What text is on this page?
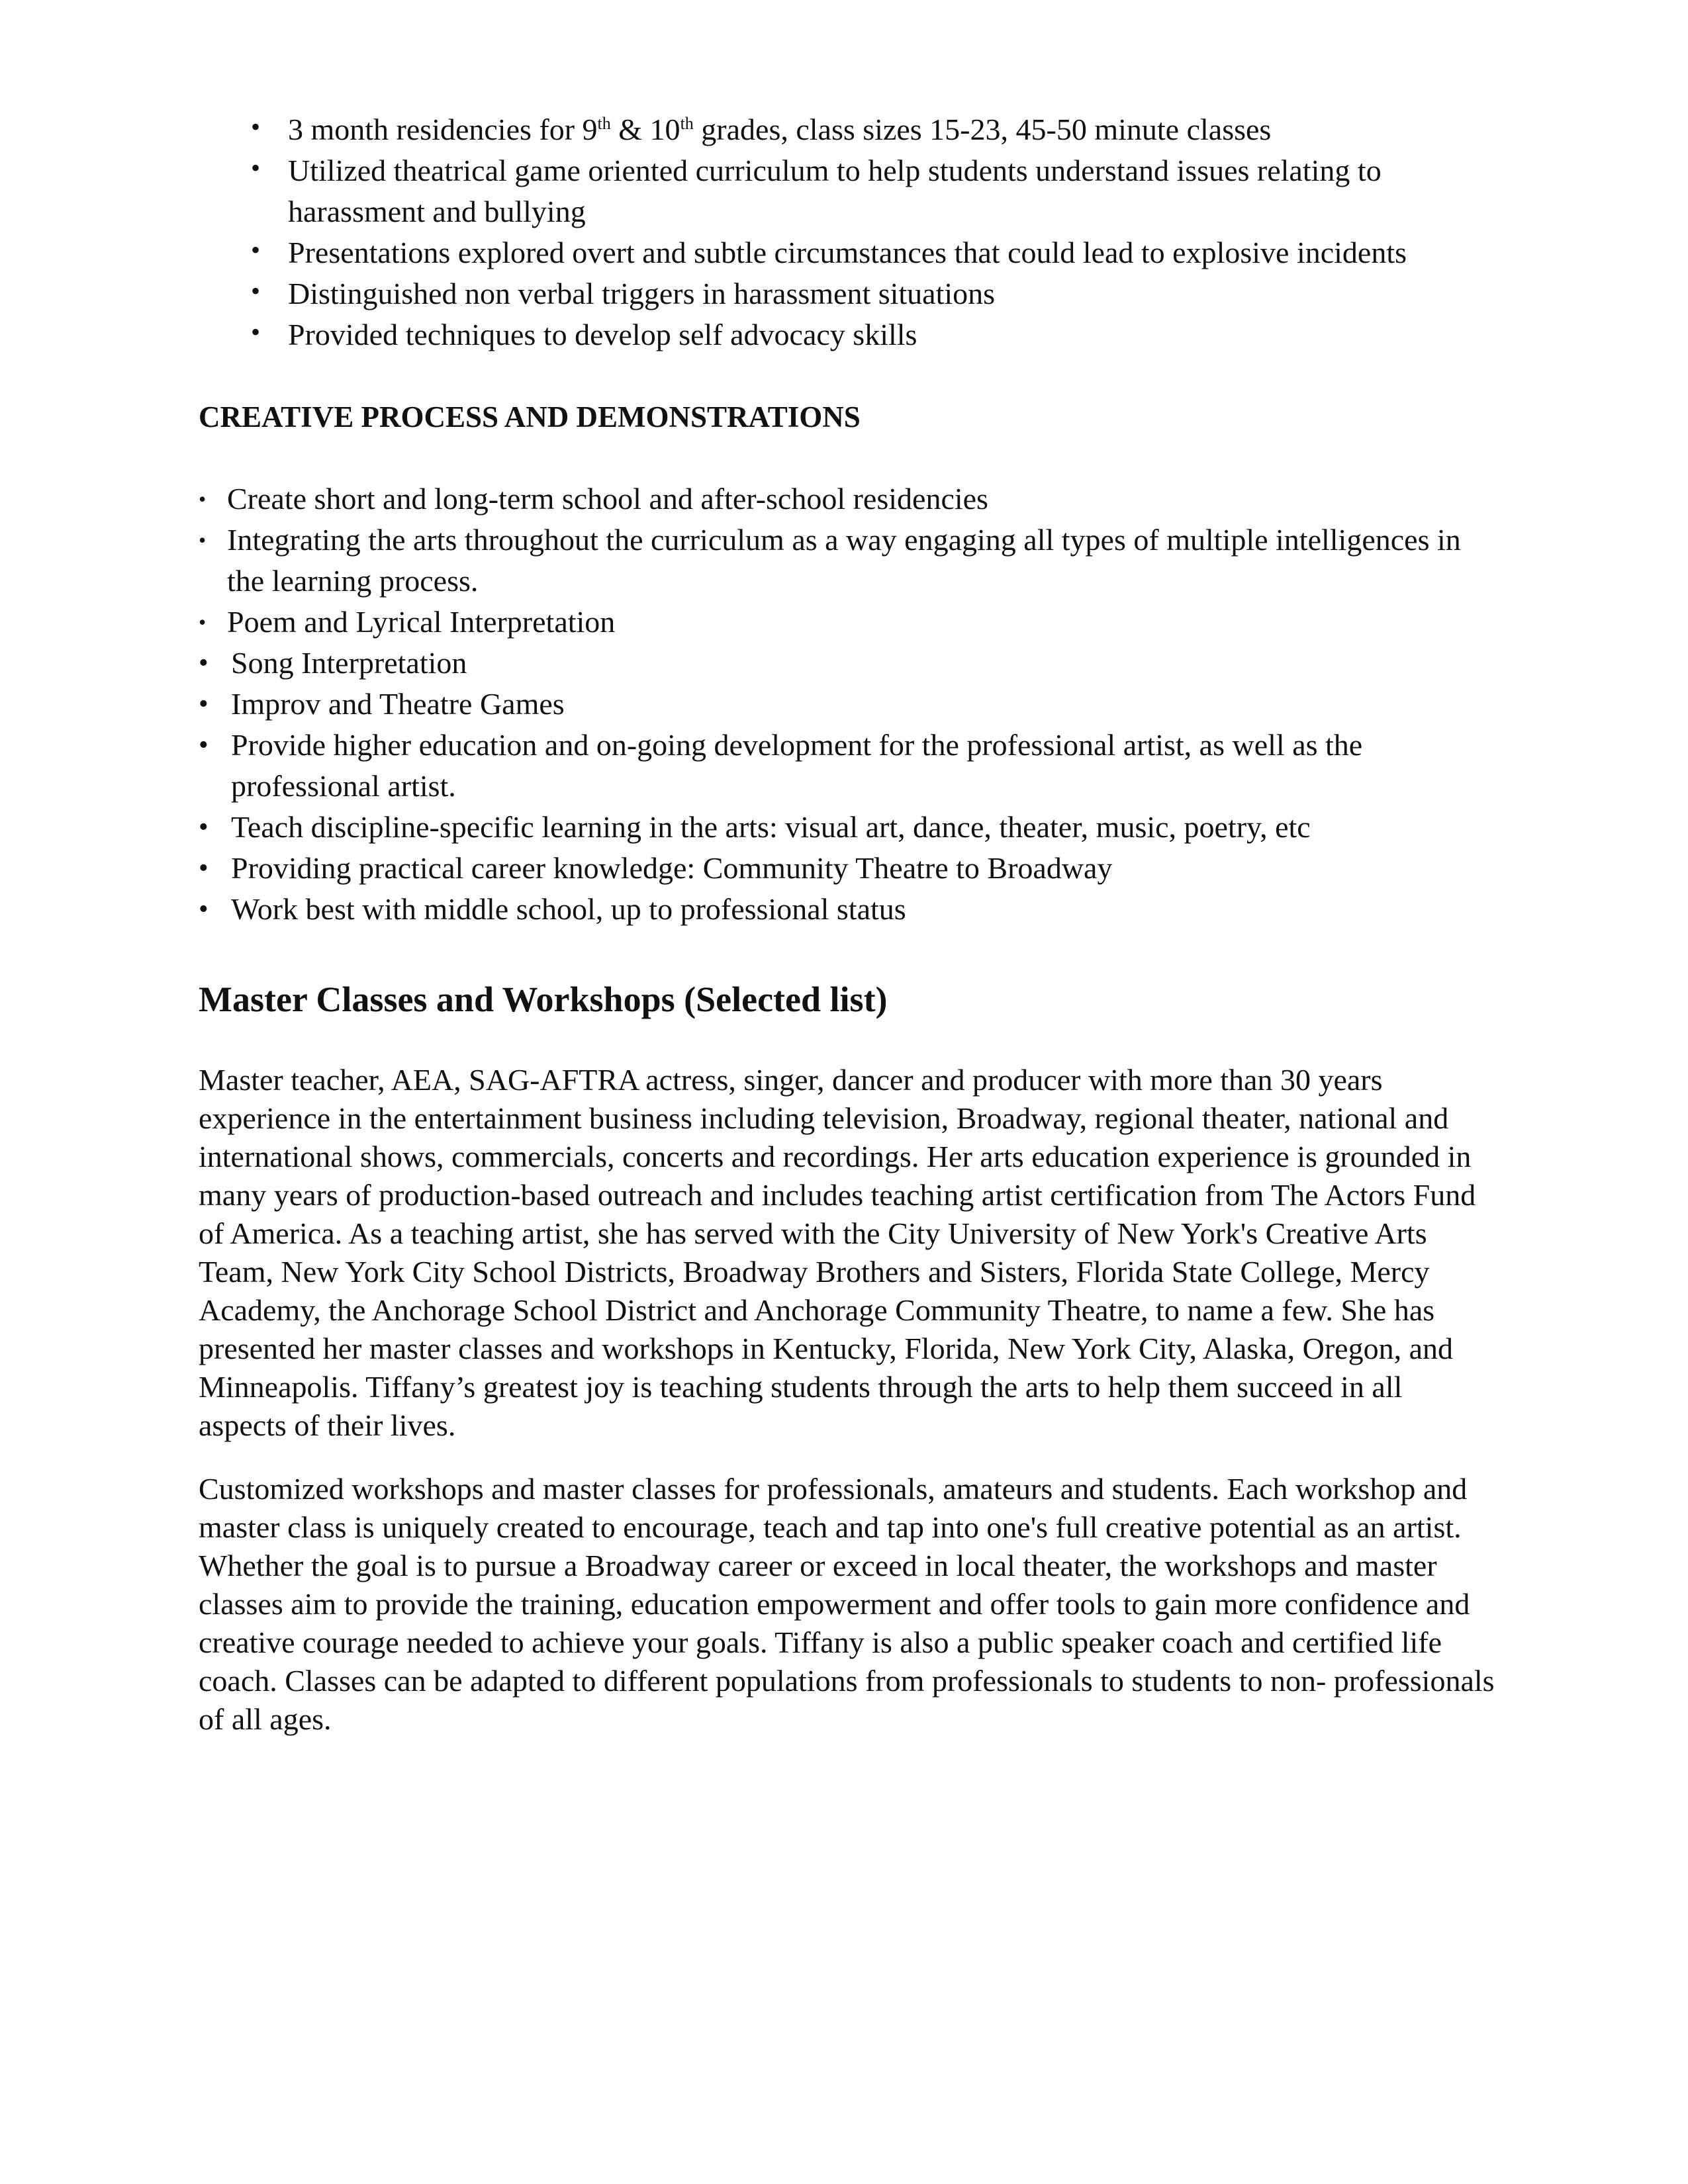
• 3 month residencies for 9th & 10th grades, class sizes 15-23, 45-50 minute classes
• Utilized theatrical game oriented curriculum to help students understand issues relating to harassment and bullying
• Presentations explored overt and subtle circumstances that could lead to explosive incidents
• Distinguished non verbal triggers in harassment situations
• Provided techniques to develop self advocacy skills
CREATIVE PROCESS AND DEMONSTRATIONS
• Create short and long-term school and after-school residencies
• Integrating the arts throughout the curriculum as a way engaging all types of multiple intelligences in the learning process.
• Poem and Lyrical Interpretation
• Song Interpretation
• Improv and Theatre Games
• Provide higher education and on-going development for the professional artist, as well as the professional artist.
• Teach discipline-specific learning in the arts: visual art, dance, theater, music, poetry, etc
• Providing practical career knowledge: Community Theatre to Broadway
• Work best with middle school, up to professional status
Master Classes and Workshops (Selected list)

Master teacher, AEA, SAG-AFTRA actress, singer, dancer and producer with more than 30 years experience in the entertainment business including television, Broadway, regional theater, national and international shows, commercials, concerts and recordings. Her arts education experience is grounded in many years of production-based outreach and includes teaching artist certification from The Actors Fund of America. As a teaching artist, she has served with the City University of New York's Creative Arts Team, New York City School Districts, Broadway Brothers and Sisters, Florida State College, Mercy Academy, the Anchorage School District and Anchorage Community Theatre, to name a few. She has presented her master classes and workshops in Kentucky, Florida, New York City, Alaska, Oregon, and Minneapolis. Tiffany’s greatest joy is teaching students through the arts to help them succeed in all aspects of their lives.

Customized workshops and master classes for professionals, amateurs and students. Each workshop and master class is uniquely created to encourage, teach and tap into one's full creative potential as an artist. Whether the goal is to pursue a Broadway career or exceed in local theater, the workshops and master classes aim to provide the training, education empowerment and offer tools to gain more confidence and creative courage needed to achieve your goals. Tiffany is also a public speaker coach and certified life coach. Classes can be adapted to different populations from professionals to students to non- professionals of all ages.
